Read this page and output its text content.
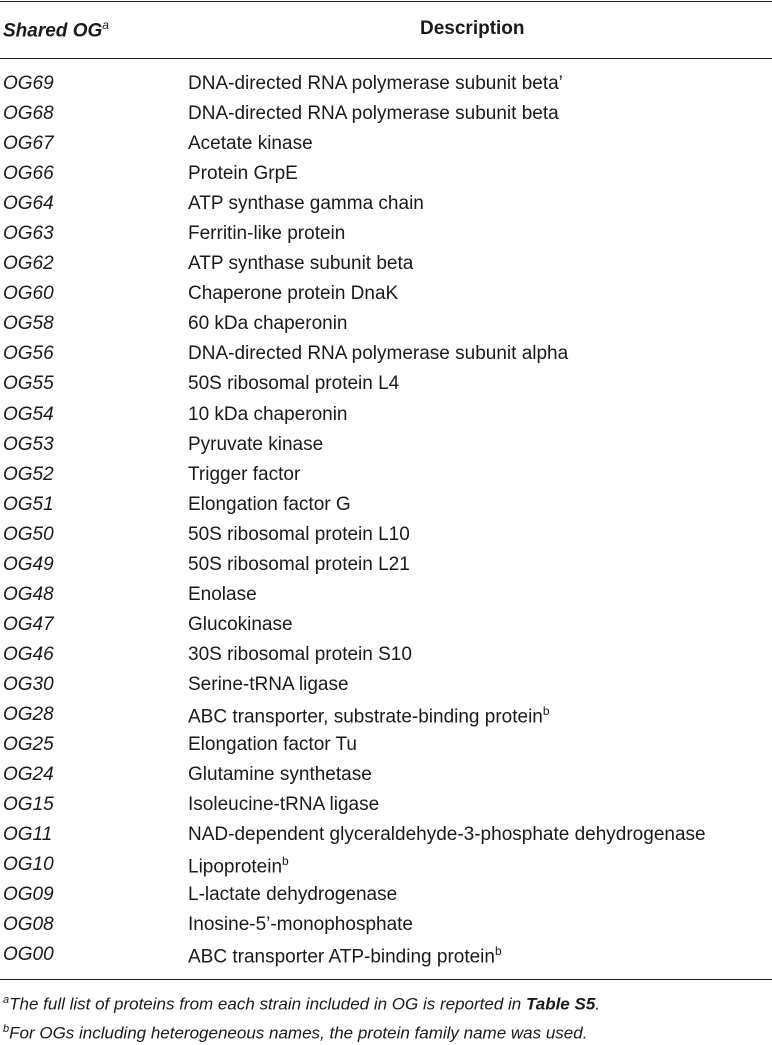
Shared $OG^a$	Description
OG69	DNA-directed RNA polymerase subunit beta’
OG68	DNA-directed RNA polymerase subunit beta
OG67	Acetate kinase
OG66	Protein GrpE
OG64	ATP synthase gamma chain
OG63	Ferritin-like protein
OG62	ATP synthase subunit beta
OG60	Chaperone protein DnaK
OG58	60 kDa chaperonin
OG56	DNA-directed RNA polymerase subunit alpha
OG55	50S ribosomal protein L4
OG54	10 kDa chaperonin
OG53	Pyruvate kinase
OG52	Trigger factor
OG51	Elongation factor G
OG50	50S ribosomal protein L10
OG49	50S ribosomal protein L21
OG48	Enolase
OG47	Glucokinase
OG46	30S ribosomal protein S10
OG30	Serine-tRNA ligase
OG28	ABC transporter, substrate-binding protein$^b$
OG25	Elongation factor Tu
OG24	Glutamine synthetase
OG15	Isoleucine-tRNA ligase
OG11	NAD-dependent glyceraldehyde-3-phosphate dehydrogenase
OG10	Lipoprotein$^b$
OG09	L-lactate dehydrogenase
OG08	Inosine-5’-monophosphate
OG00	ABC transporter ATP-binding protein$^b$
$^a$The full list of proteins from each strain included in OG is reported in Table S5.
$^b$For OGs including heterogeneous names, the protein family name was used.
